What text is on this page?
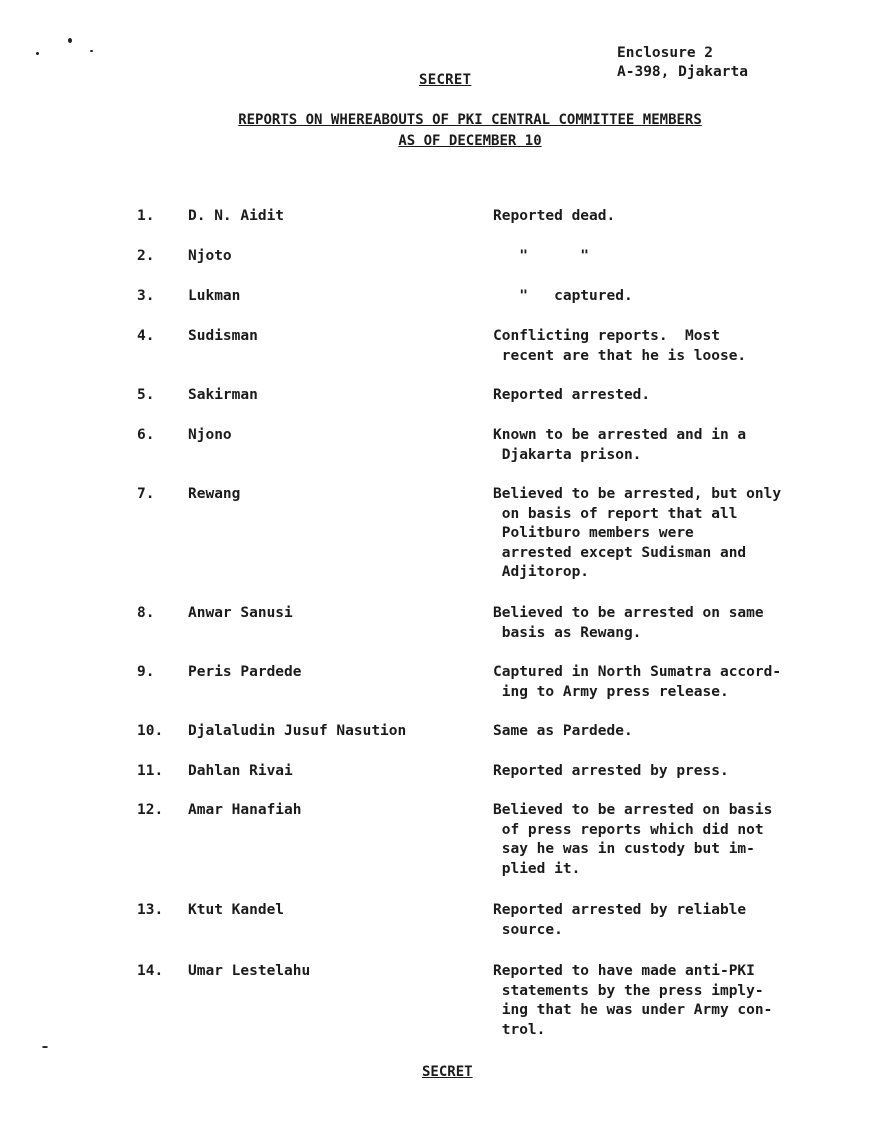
Enclosure 2
A-398, Djakarta
SECRET
REPORTS ON WHEREABOUTS OF PKI CENTRAL COMMITTEE MEMBERS
AS OF DECEMBER 10
1.	D. N. Aidit	Reported dead.
2.	Njoto	"      "
3.	Lukman	"   captured.
4.	Sudisman	Conflicting reports.  Most
recent are that he is loose.
5.	Sakirman	Reported arrested.
6.	Njono	Known to be arrested and in a
Djakarta prison.
7.	Rewang	Believed to be arrested, but only
on basis of report that all
Politburo members were
arrested except Sudisman and
Adjitorop.
8.	Anwar Sanusi	Believed to be arrested on same
basis as Rewang.
9.	Peris Pardede	Captured in North Sumatra accord-
ing to Army press release.
10.	Djalaludin Jusuf Nasution	Same as Pardede.
11.	Dahlan Rivai	Reported arrested by press.
12.	Amar Hanafiah	Believed to be arrested on basis
of press reports which did not
say he was in custody but im-
plied it.
13.	Ktut Kandel	Reported arrested by reliable
source.
14.	Umar Lestelahu	Reported to have made anti-PKI
statements by the press imply-
ing that he was under Army con-
trol.
SECRET
